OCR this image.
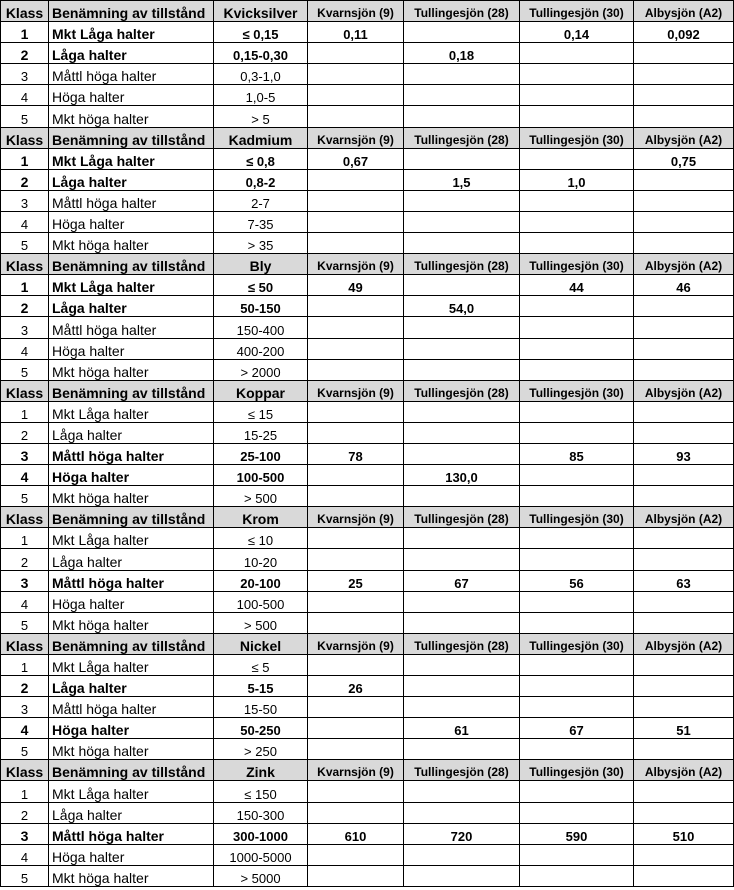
Klass	Benämning av tillstånd	Kvicksilver	Kvarnsjön (9)	Tullingesjön (28)	Tullingesjön (30)	Albysjön (A2)
1	Mkt Låga halter	≤ 0,15	0,11		0,14	0,092
2	Låga halter	0,15-0,30		0,18		
3	Måttl höga halter	0,3-1,0				
4	Höga halter	1,0-5				
5	Mkt höga halter	> 5				
Klass	Benämning av tillstånd	Kadmium	Kvarnsjön (9)	Tullingesjön (28)	Tullingesjön (30)	Albysjön (A2)
1	Mkt Låga halter	≤ 0,8	0,67			0,75
2	Låga halter	0,8-2		1,5	1,0	
3	Måttl höga halter	2-7				
4	Höga halter	7-35				
5	Mkt höga halter	> 35				
Klass	Benämning av tillstånd	Bly	Kvarnsjön (9)	Tullingesjön (28)	Tullingesjön (30)	Albysjön (A2)
1	Mkt Låga halter	≤ 50	49		44	46
2	Låga halter	50-150		54,0		
3	Måttl höga halter	150-400				
4	Höga halter	400-200				
5	Mkt höga halter	> 2000				
Klass	Benämning av tillstånd	Koppar	Kvarnsjön (9)	Tullingesjön (28)	Tullingesjön (30)	Albysjön (A2)
1	Mkt Låga halter	≤ 15				
2	Låga halter	15-25				
3	Måttl höga halter	25-100	78		85	93
4	Höga halter	100-500		130,0		
5	Mkt höga halter	> 500				
Klass	Benämning av tillstånd	Krom	Kvarnsjön (9)	Tullingesjön (28)	Tullingesjön (30)	Albysjön (A2)
1	Mkt Låga halter	≤ 10				
2	Låga halter	10-20				
3	Måttl höga halter	20-100	25	67	56	63
4	Höga halter	100-500				
5	Mkt höga halter	> 500				
Klass	Benämning av tillstånd	Nickel	Kvarnsjön (9)	Tullingesjön (28)	Tullingesjön (30)	Albysjön (A2)
1	Mkt Låga halter	≤ 5				
2	Låga halter	5-15	26			
3	Måttl höga halter	15-50				
4	Höga halter	50-250		61	67	51
5	Mkt höga halter	> 250				
Klass	Benämning av tillstånd	Zink	Kvarnsjön (9)	Tullingesjön (28)	Tullingesjön (30)	Albysjön (A2)
1	Mkt Låga halter	≤ 150				
2	Låga halter	150-300				
3	Måttl höga halter	300-1000	610	720	590	510
4	Höga halter	1000-5000				
5	Mkt höga halter	> 5000				
